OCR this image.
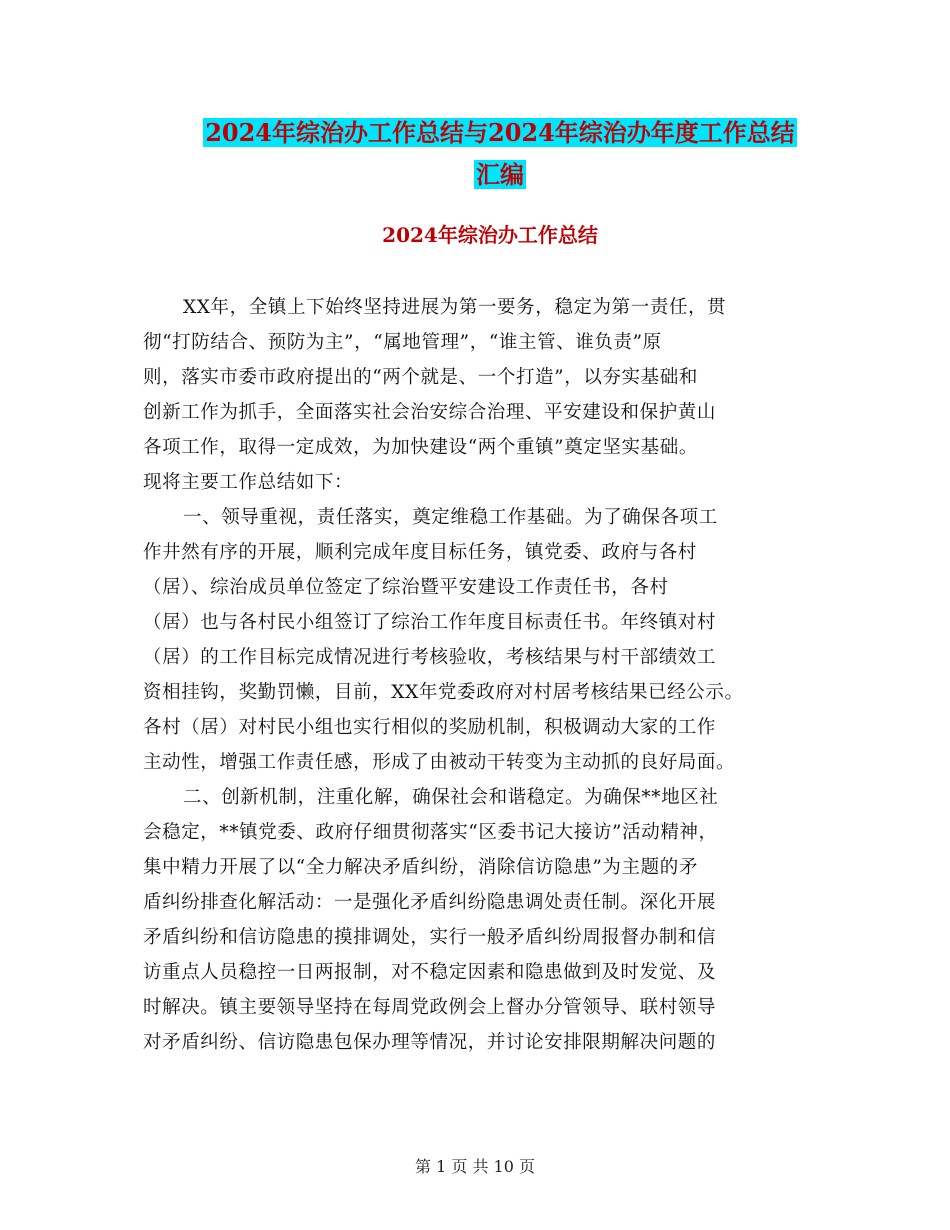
2024年综治办工作总结与2024年综治办年度工作总结
汇编
2024年综治办工作总结
XX年，全镇上下始终坚持进展为第一要务，稳定为第一责任，贯
彻“打防结合、预防为主”，“属地管理”，“谁主管、谁负责”原
则，落实市委市政府提出的“两个就是、一个打造”，以夯实基础和
创新工作为抓手，全面落实社会治安综合治理、平安建设和保护黄山
各项工作，取得一定成效，为加快建设“两个重镇”奠定坚实基础。
现将主要工作总结如下：
一、领导重视，责任落实，奠定维稳工作基础。为了确保各项工
作井然有序的开展，顺利完成年度目标任务，镇党委、政府与各村
（居）、综治成员单位签定了综治暨平安建设工作责任书，各村
（居）也与各村民小组签订了综治工作年度目标责任书。年终镇对村
（居）的工作目标完成情况进行考核验收，考核结果与村干部绩效工
资相挂钩，奖勤罚懒，目前，XX年党委政府对村居考核结果已经公示。
各村（居）对村民小组也实行相似的奖励机制，积极调动大家的工作
主动性，增强工作责任感，形成了由被动干转变为主动抓的良好局面。
二、创新机制，注重化解，确保社会和谐稳定。为确保**地区社
会稳定，**镇党委、政府仔细贯彻落实“区委书记大接访”活动精神，
集中精力开展了以“全力解决矛盾纠纷，消除信访隐患”为主题的矛
盾纠纷排查化解活动：一是强化矛盾纠纷隐患调处责任制。深化开展
矛盾纠纷和信访隐患的摸排调处，实行一般矛盾纠纷周报督办制和信
访重点人员稳控一日两报制，对不稳定因素和隐患做到及时发觉、及
时解决。镇主要领导坚持在每周党政例会上督办分管领导、联村领导
对矛盾纠纷、信访隐患包保办理等情况，并讨论安排限期解决问题的
第 1 页 共 10 页
